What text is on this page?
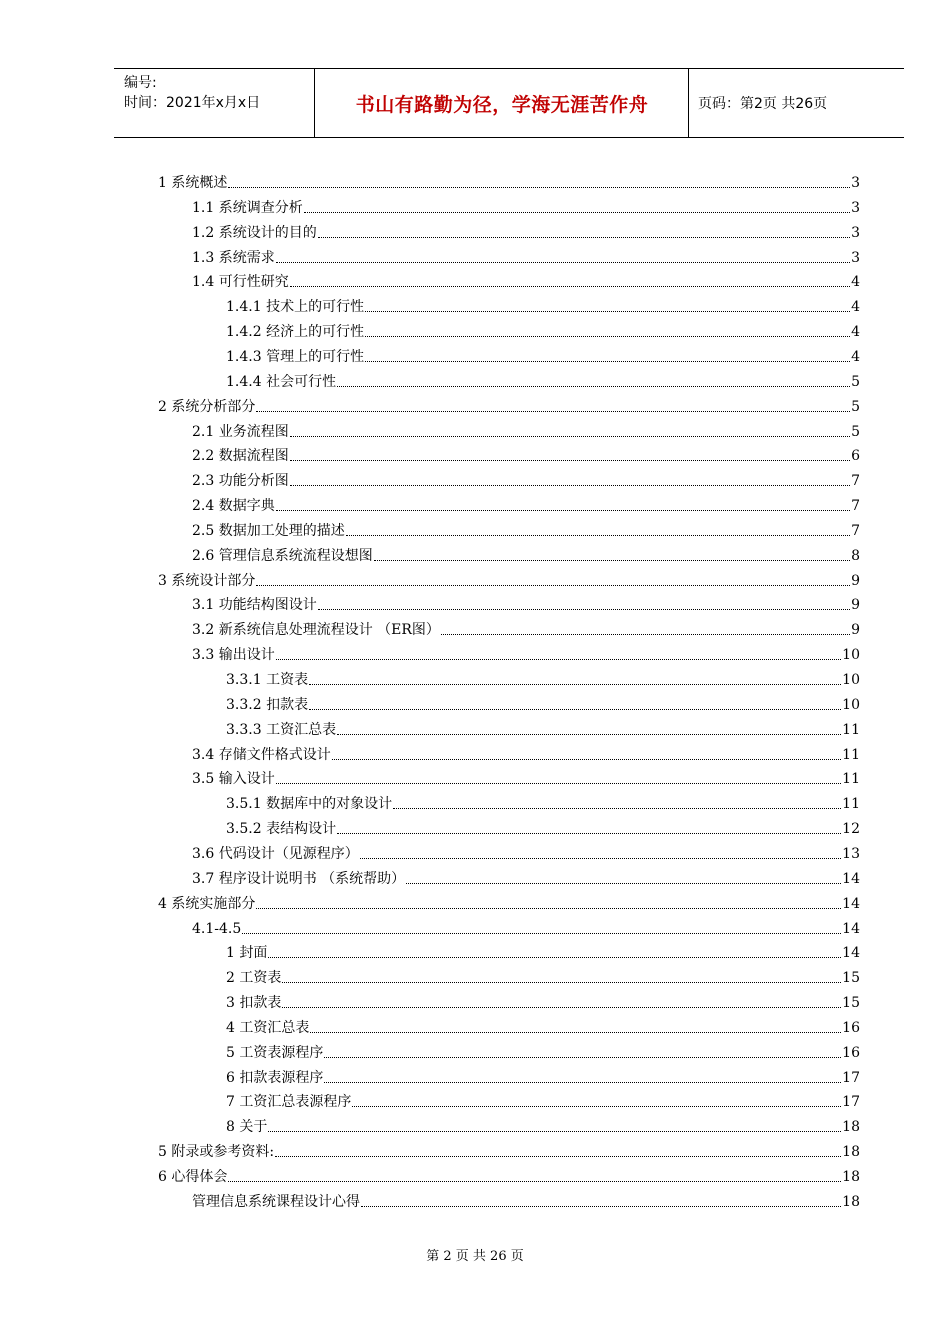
编号:
时间：2021年x月x日	书山有路勤为径，学海无涯苦作舟	页码：第2页 共26页
1 系统概述	3
1.1 系统调查分析	3
1.2 系统设计的目的	3
1.3 系统需求	3
1.4 可行性研究	4
1.4.1 技术上的可行性	4
1.4.2 经济上的可行性	4
1.4.3 管理上的可行性	4
1.4.4 社会可行性	5
2 系统分析部分	5
2.1 业务流程图	5
2.2 数据流程图	6
2.3 功能分析图	7
2.4 数据字典	7
2.5 数据加工处理的描述	7
2.6 管理信息系统流程设想图	8
3 系统设计部分	9
3.1 功能结构图设计	9
3.2 新系统信息处理流程设计 （ER图）	9
3.3 输出设计	10
3.3.1 工资表	10
3.3.2 扣款表	10
3.3.3 工资汇总表	11
3.4 存储文件格式设计	11
3.5 输入设计	11
3.5.1 数据库中的对象设计	11
3.5.2 表结构设计	12
3.6 代码设计（见源程序）	13
3.7 程序设计说明书 （系统帮助）	14
4 系统实施部分	14
4.1-4.5	14
1 封面	14
2 工资表	15
3 扣款表	15
4 工资汇总表	16
5 工资表源程序	16
6 扣款表源程序	17
7 工资汇总表源程序	17
8 关于	18
5 附录或参考资料:	18
6 心得体会	18
管理信息系统课程设计心得	18
第 2 页 共 26 页
